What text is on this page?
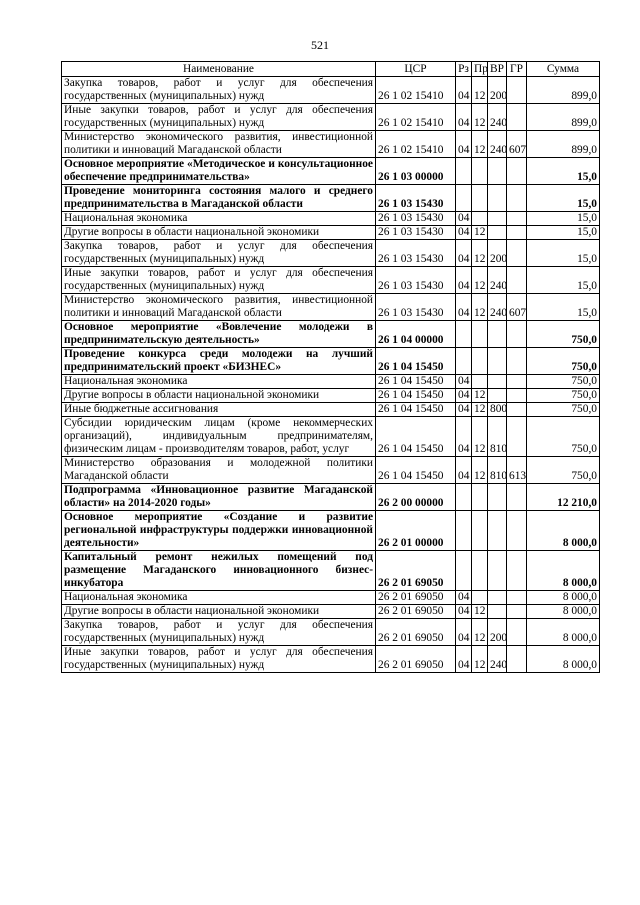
521
Наименование	ЦСР	Рз	Пр	ВР	ГР	Сумма
Закупка товаров, работ и услуг для обеспечения государственных (муниципальных) нужд	26 1 02 15410	04	12	200		899,0
Иные закупки товаров, работ и услуг для обеспечения государственных (муниципальных) нужд	26 1 02 15410	04	12	240		899,0
Министерство экономического развития, инвестиционной политики и инноваций Магаданской области	26 1 02 15410	04	12	240	607	899,0
Основное мероприятие «Методическое и консультационное обеспечение предпринимательства»	26 1 03 00000					15,0
Проведение мониторинга состояния малого и среднего предпринимательства в Магаданской области	26 1 03 15430					15,0
Национальная экономика	26 1 03 15430	04				15,0
Другие вопросы в области национальной экономики	26 1 03 15430	04	12			15,0
Закупка товаров, работ и услуг для обеспечения государственных (муниципальных) нужд	26 1 03 15430	04	12	200		15,0
Иные закупки товаров, работ и услуг для обеспечения государственных (муниципальных) нужд	26 1 03 15430	04	12	240		15,0
Министерство экономического развития, инвестиционной политики и инноваций Магаданской области	26 1 03 15430	04	12	240	607	15,0
Основное мероприятие «Вовлечение молодежи в предпринимательскую деятельность»	26 1 04 00000					750,0
Проведение конкурса среди молодежи на лучший предпринимательский проект «БИЗНЕС»	26 1 04 15450					750,0
Национальная экономика	26 1 04 15450	04				750,0
Другие вопросы в области национальной экономики	26 1 04 15450	04	12			750,0
Иные бюджетные ассигнования	26 1 04 15450	04	12	800		750,0
Субсидии юридическим лицам (кроме некоммерческих организаций), индивидуальным предпринимателям, физическим лицам - производителям товаров, работ, услуг	26 1 04 15450	04	12	810		750,0
Министерство образования и молодежной политики Магаданской области	26 1 04 15450	04	12	810	613	750,0
Подпрограмма «Инновационное развитие Магаданской области» на 2014-2020 годы»	26 2 00 00000					12 210,0
Основное мероприятие «Создание и развитие региональной инфраструктуры поддержки инновационной деятельности»	26 2 01 00000					8 000,0
Капитальный ремонт нежилых помещений под размещение Магаданского инновационного бизнес-инкубатора	26 2 01 69050					8 000,0
Национальная экономика	26 2 01 69050	04				8 000,0
Другие вопросы в области национальной экономики	26 2 01 69050	04	12			8 000,0
Закупка товаров, работ и услуг для обеспечения государственных (муниципальных) нужд	26 2 01 69050	04	12	200		8 000,0
Иные закупки товаров, работ и услуг для обеспечения государственных (муниципальных) нужд	26 2 01 69050	04	12	240		8 000,0
